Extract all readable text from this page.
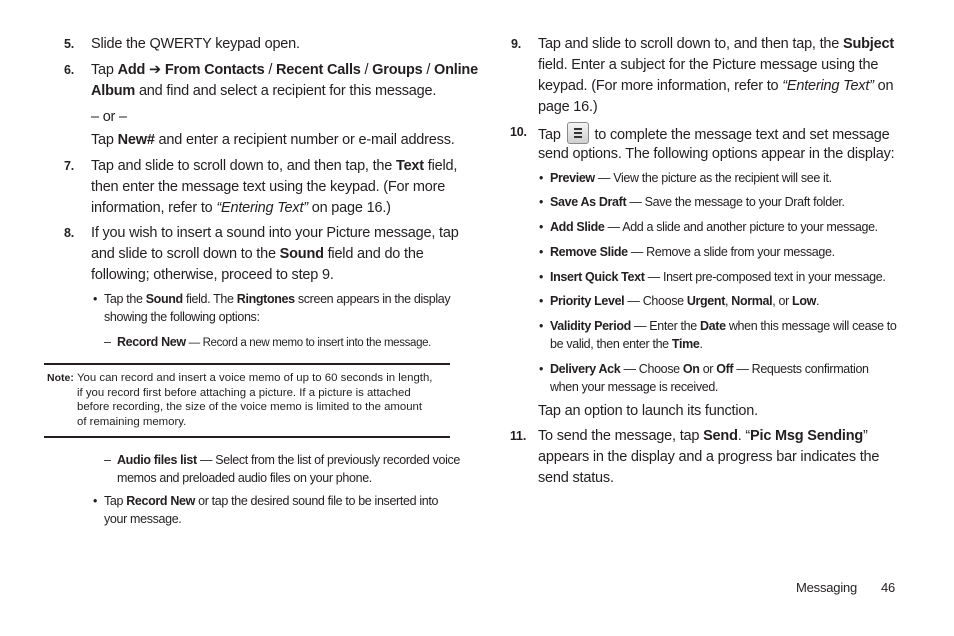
5. Slide the QWERTY keypad open.
6. Tap Add ➔ From Contacts / Recent Calls / Groups / Online
Album and find and select a recipient for this message.
– or –
Tap New# and enter a recipient number or e-mail address.
7. Tap and slide to scroll down to, and then tap, the Text field,
then enter the message text using the keypad. (For more
information, refer to “Entering Text” on page 16.)
8. If you wish to insert a sound into your Picture message, tap
and slide to scroll down to the Sound field and do the
following; otherwise, proceed to step 9.
• Tap the Sound field. The Ringtones screen appears in the display
showing the following options:
– Record New — Record a new memo to insert into the message.
Note: You can record and insert a voice memo of up to 60 seconds in length,
if you record first before attaching a picture. If a picture is attached
before recording, the size of the voice memo is limited to the amount
of remaining memory.
– Audio files list — Select from the list of previously recorded voice
memos and preloaded audio files on your phone.
• Tap Record New or tap the desired sound file to be inserted into
your message.
9. Tap and slide to scroll down to, and then tap, the Subject
field. Enter a subject for the Picture message using the
keypad. (For more information, refer to “Entering Text” on
page 16.)
10. Tap
to complete the message text and set message
send options. The following options appear in the display:
• Preview — View the picture as the recipient will see it.
• Save As Draft — Save the message to your Draft folder.
• Add Slide — Add a slide and another picture to your message.
• Remove Slide — Remove a slide from your message.
• Insert Quick Text — Insert pre-composed text in your message.
• Priority Level — Choose Urgent, Normal, or Low.
• Validity Period — Enter the Date when this message will cease to
be valid, then enter the Time.
• Delivery Ack — Choose On or Off — Requests confirmation
when your message is received.
Tap an option to launch its function.
11. To send the message, tap Send. “Pic Msg Sending”
appears in the display and a progress bar indicates the
send status.
Messaging 46
